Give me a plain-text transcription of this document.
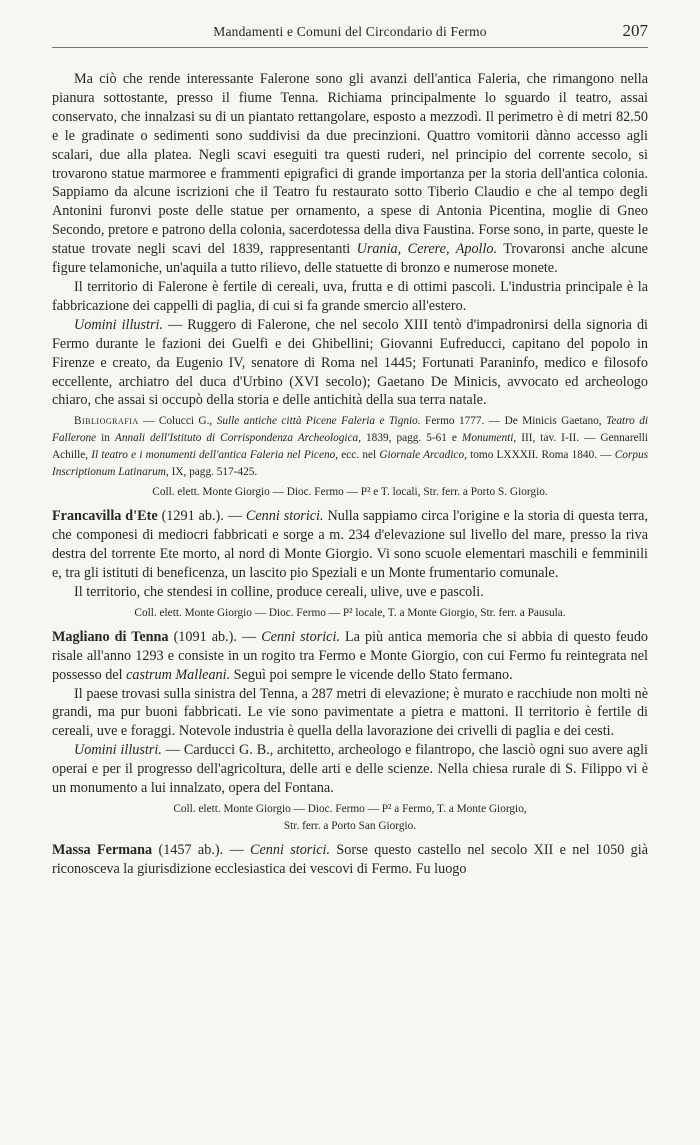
Mandamenti e Comuni del Circondario di Fermo	207

Ma ciò che rende interessante Falerone sono gli avanzi dell'antica Faleria, che rimangono nella pianura sottostante, presso il fiume Tenna. Richiama principalmente lo sguardo il teatro, assai conservato, che innalzasi su di un piantato rettangolare, esposto a mezzodì. Il perimetro è di metri 82.50 e le gradinate o sedimenti sono suddivisi da due precinzioni. Quattro vomitorii dànno accesso agli scalari, due alla platea. Negli scavi eseguiti tra questi ruderi, nel principio del corrente secolo, si trovarono statue marmoree e frammenti epigrafici di grande importanza per la storia dell'antica colonia. Sappiamo da alcune iscrizioni che il Teatro fu restaurato sotto Tiberio Claudio e che al tempo degli Antonini furonvi poste delle statue per ornamento, a spese di Antonia Picentina, moglie di Gneo Secondo, pretore e patrono della colonia, sacerdotessa della diva Faustina. Forse sono, in parte, queste le statue trovate negli scavi del 1839, rappresentanti Urania, Cerere, Apollo. Trovaronsi anche alcune figure telamoniche, un'aquila a tutto rilievo, delle statuette di bronzo e numerose monete.

Il territorio di Falerone è fertile di cereali, uva, frutta e di ottimi pascoli. L'industria principale è la fabbricazione dei cappelli di paglia, di cui si fa grande smercio all'estero.

Uomini illustri. — Ruggero di Falerone, che nel secolo XIII tentò d'impadronirsi della signoria di Fermo durante le fazioni dei Guelfi e dei Ghibellini; Giovanni Eufreducci, capitano del popolo in Firenze e creato, da Eugenio IV, senatore di Roma nel 1445; Fortunati Paraninfo, medico e filosofo eccellente, archiatro del duca d'Urbino (XVI secolo); Gaetano De Minicis, avvocato ed archeologo chiaro, che assai si occupò della storia e delle antichità della sua terra natale.

Bibliografia — Colucci G., Sulle antiche città Picene Faleria e Tignio. Fermo 1777. — De Minicis Gaetano, Teatro di Fallerone in Annali dell'Istituto di Corrispondenza Archeologica, 1839, pagg. 5-61 e Monumenti, III, tav. I-II. — Gennarelli Achille, Il teatro e i monumenti dell'antica Faleria nel Piceno, ecc. nel Giornale Arcadico, tomo LXXXII. Roma 1840. — Corpus Inscriptionum Latinarum, IX, pagg. 517-425.

Coll. elett. Monte Giorgio — Dioc. Fermo — P² e T. locali, Str. ferr. a Porto S. Giorgio.

Francavilla d'Ete (1291 ab.). — Cenni storici. Nulla sappiamo circa l'origine e la storia di questa terra, che componesi di mediocri fabbricati e sorge a m. 234 d'elevazione sul livello del mare, presso la riva destra del torrente Ete morto, al nord di Monte Giorgio. Vi sono scuole elementari maschili e femminili e, tra gli istituti di beneficenza, un lascito pio Speziali e un Monte frumentario comunale.

Il territorio, che stendesi in colline, produce cereali, ulive, uve e pascoli.

Coll. elett. Monte Giorgio — Dioc. Fermo — P² locale, T. a Monte Giorgio, Str. ferr. a Pausula.

Magliano di Tenna (1091 ab.). — Cenni storici. La più antica memoria che si abbia di questo feudo risale all'anno 1293 e consiste in un rogito tra Fermo e Monte Giorgio, con cui Fermo fu reintegrata nel possesso del castrum Malleani. Seguì poi sempre le vicende dello Stato fermano.

Il paese trovasi sulla sinistra del Tenna, a 287 metri di elevazione; è murato e racchiude non molti nè grandi, ma pur buoni fabbricati. Le vie sono pavimentate a pietra e mattoni. Il territorio è fertile di cereali, uve e foraggi. Notevole industria è quella della lavorazione dei crivelli di paglia e dei cesti.

Uomini illustri. — Carducci G. B., architetto, archeologo e filantropo, che lasciò ogni suo avere agli operai e per il progresso dell'agricoltura, delle arti e delle scienze. Nella chiesa rurale di S. Filippo vi è un monumento a lui innalzato, opera del Fontana.

Coll. elett. Monte Giorgio — Dioc. Fermo — P² a Fermo, T. a Monte Giorgio,
Str. ferr. a Porto San Giorgio.

Massa Fermana (1457 ab.). — Cenni storici. Sorse questo castello nel secolo XII e nel 1050 già riconosceva la giurisdizione ecclesiastica dei vescovi di Fermo. Fu luogo
